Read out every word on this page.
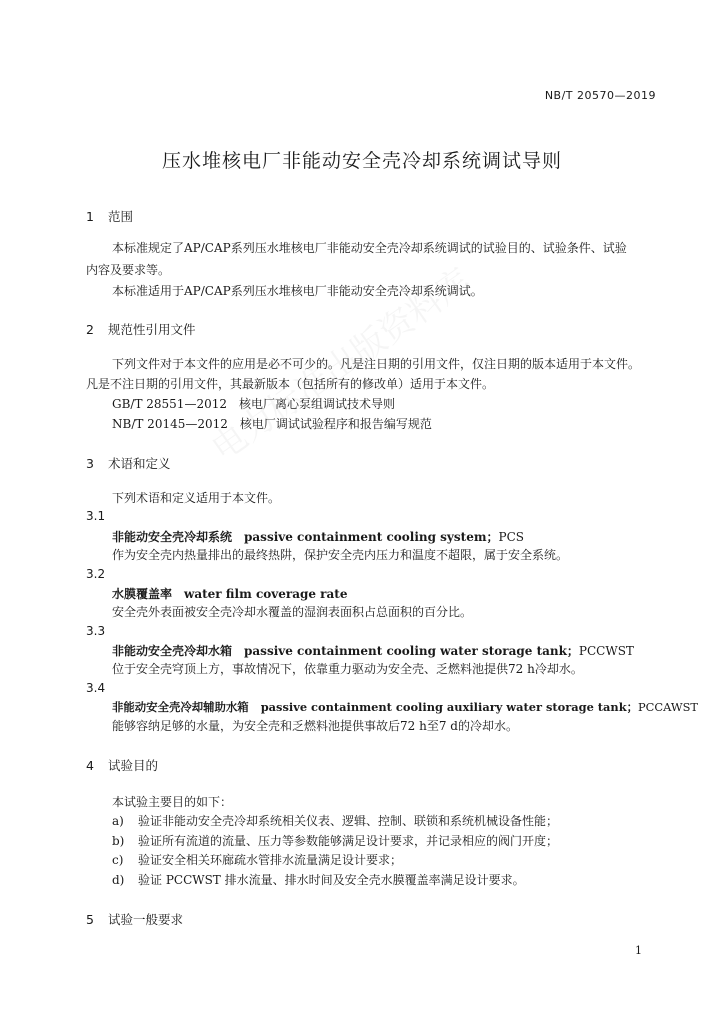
NB/T 20570—2019
压水堆核电厂非能动安全壳冷却系统调试导则
1 范围
本标准规定了AP/CAP系列压水堆核电厂非能动安全壳冷却系统调试的试验目的、试验条件、试验
内容及要求等。
本标准适用于AP/CAP系列压水堆核电厂非能动安全壳冷却系统调试。
2 规范性引用文件
下列文件对于本文件的应用是必不可少的。凡是注日期的引用文件，仅注日期的版本适用于本文件。
凡是不注日期的引用文件，其最新版本（包括所有的修改单）适用于本文件。
GB/T 28551—2012　核电厂离心泵组调试技术导则
NB/T 20145—2012　核电厂调试试验程序和报告编写规范
3 术语和定义
下列术语和定义适用于本文件。
3.1
非能动安全壳冷却系统 passive containment cooling system；PCS
作为安全壳内热量排出的最终热阱，保护安全壳内压力和温度不超限，属于安全系统。
3.2
水膜覆盖率 water film coverage rate
安全壳外表面被安全壳冷却水覆盖的湿润表面积占总面积的百分比。
3.3
非能动安全壳冷却水箱 passive containment cooling water storage tank；PCCWST
位于安全壳穹顶上方，事故情况下，依靠重力驱动为安全壳、乏燃料池提供72 h冷却水。
3.4
非能动安全壳冷却辅助水箱 passive containment cooling auxiliary water storage tank；PCCAWST
能够容纳足够的水量，为安全壳和乏燃料池提供事故后72 h至7 d的冷却水。
4 试验目的
本试验主要目的如下：
a) 验证非能动安全壳冷却系统相关仪表、逻辑、控制、联锁和系统机械设备性能；
b) 验证所有流道的流量、压力等参数能够满足设计要求，并记录相应的阀门开度；
c) 验证安全相关环廊疏水管排水流量满足设计要求；
d) 验证 PCCWST 排水流量、排水时间及安全壳水膜覆盖率满足设计要求。
5 试验一般要求
1
